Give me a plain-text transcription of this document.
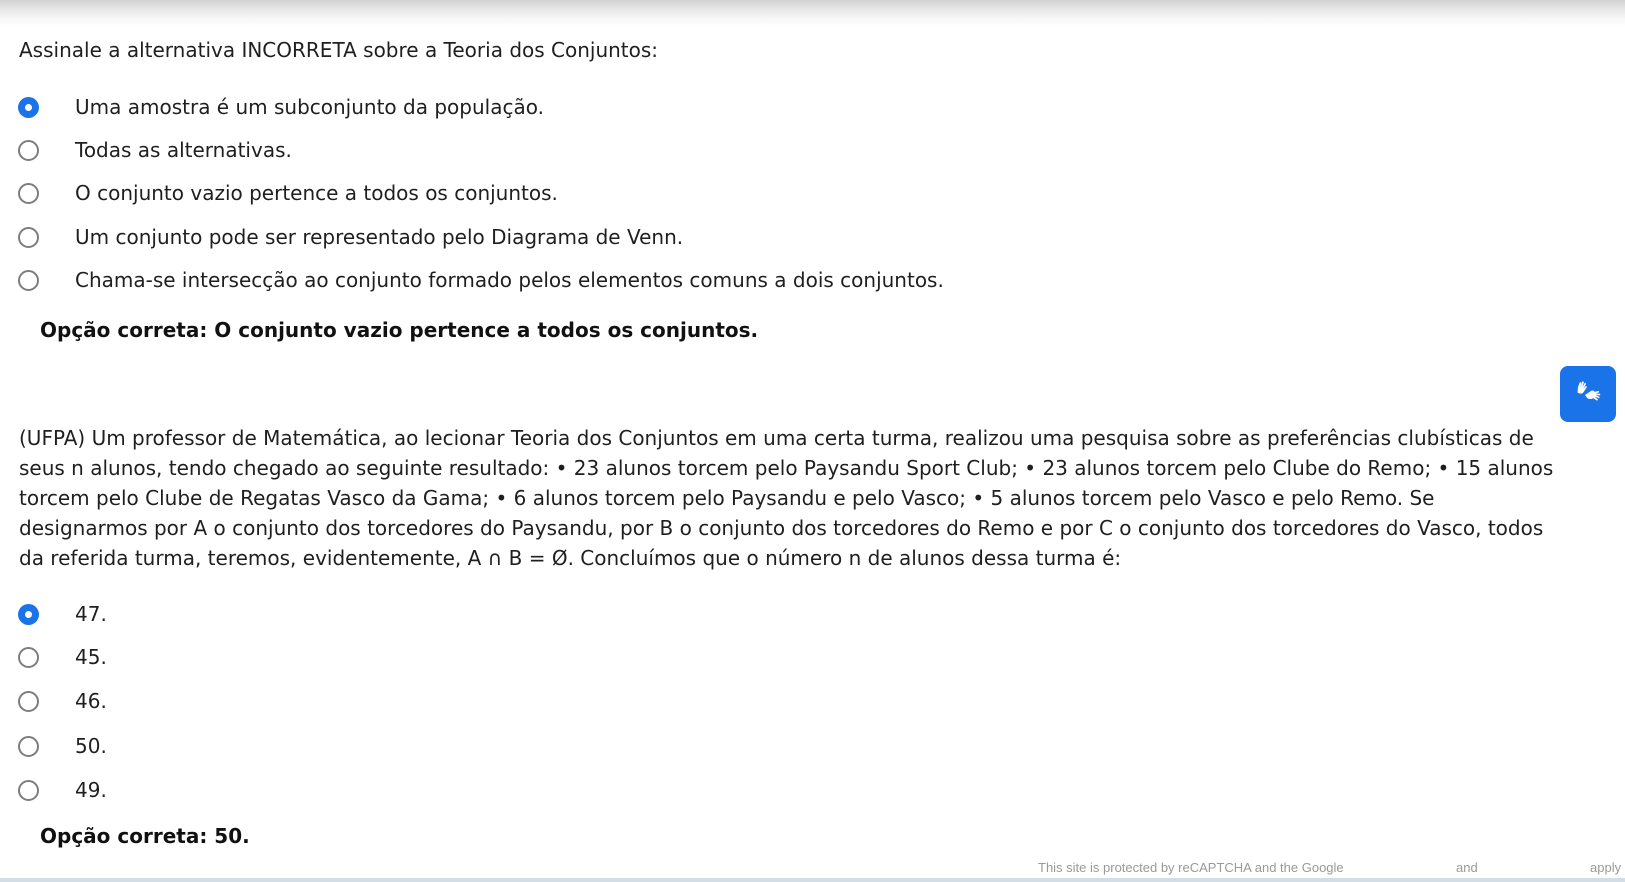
Assinale a alternativa INCORRETA sobre a Teoria dos Conjuntos:
Uma amostra é um subconjunto da população.
Todas as alternativas.
O conjunto vazio pertence a todos os conjuntos.
Um conjunto pode ser representado pelo Diagrama de Venn.
Chama-se intersecção ao conjunto formado pelos elementos comuns a dois conjuntos.
Opção correta: O conjunto vazio pertence a todos os conjuntos.
(UFPA) Um professor de Matemática, ao lecionar Teoria dos Conjuntos em uma certa turma, realizou uma pesquisa sobre as preferências clubísticas de seus n alunos, tendo chegado ao seguinte resultado: • 23 alunos torcem pelo Paysandu Sport Club; • 23 alunos torcem pelo Clube do Remo; • 15 alunos torcem pelo Clube de Regatas Vasco da Gama; • 6 alunos torcem pelo Paysandu e pelo Vasco; • 5 alunos torcem pelo Vasco e pelo Remo. Se designarmos por A o conjunto dos torcedores do Paysandu, por B o conjunto dos torcedores do Remo e por C o conjunto dos torcedores do Vasco, todos da referida turma, teremos, evidentemente, A ∩ B = Ø. Concluímos que o número n de alunos dessa turma é:
47.
45.
46.
50.
49.
Opção correta: 50.
This site is protected by reCAPTCHA and the Google	and	apply
